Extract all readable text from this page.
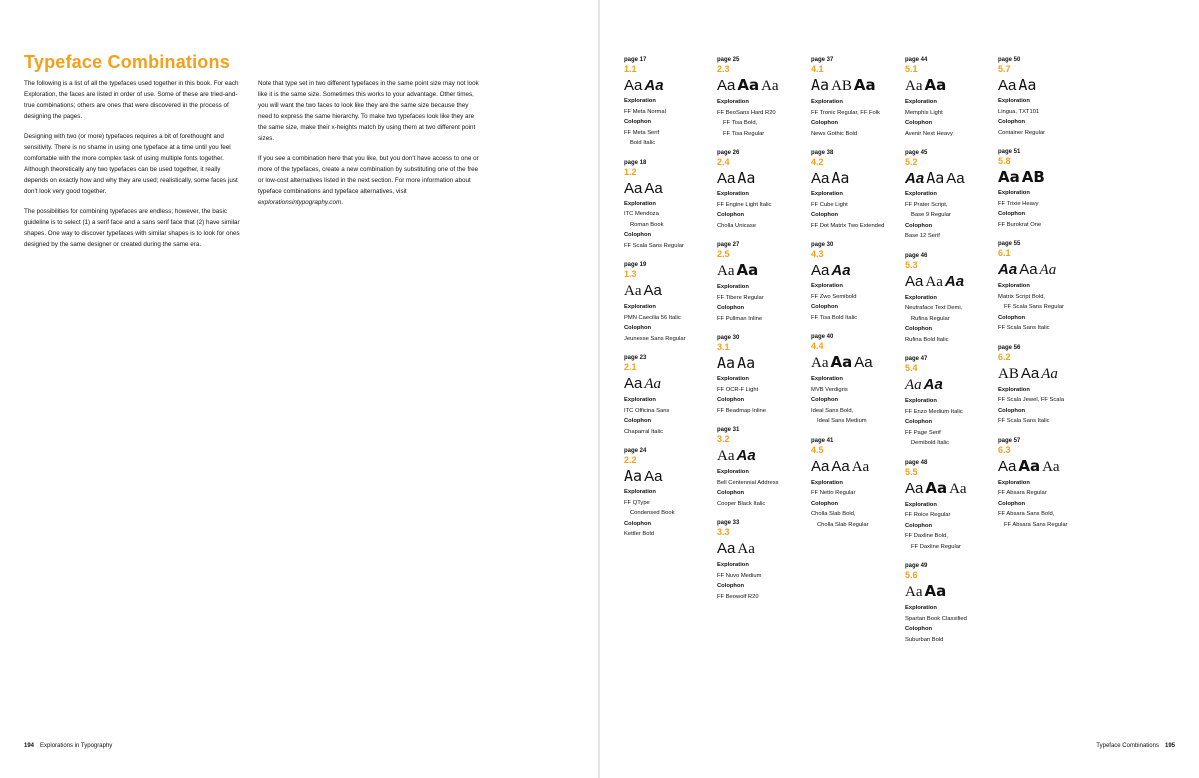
Typeface Combinations

The following is a list of all the typefaces used together in this book. For each Exploration, the faces are listed in order of use. Some of these are tried-and-true combinations; others are ones that were discovered in the process of designing the pages.

Designing with two (or more) typefaces requires a bit of forethought and sensitivity. There is no shame in using one typeface at a time until you feel comfortable with the more complex task of using multiple fonts together. Although theoretically any two typefaces can be used together, it really depends on exactly how and why they are used; realistically, some faces just don't look very good together.

The possibilities for combining typefaces are endless; however, the basic guideline is to select (1) a serif face and a sans serif face that (2) have similar shapes. One way to discover typefaces with similar shapes is to look for ones designed by the same designer or created during the same era.

Note that type set in two different typefaces in the same point size may not look like it is the same size. Sometimes this works to your advantage. Other times, you will want the two faces to look like they are the same size because they need to express the same hierarchy. To make two typefaces look like they are the same size, make their x-heights match by using them at two different point sizes.

If you see a combination here that you like, but you don't have access to one or more of the typefaces, create a new combination by substituting one of the free or low-cost alternatives listed in the next section. For more information about typeface combinations and typeface alternatives, visit explorationsintypography.com.

194 Explorations in Typography	Typeface Combinations 195
page 17
1.1
Aa Aa
Exploration
FF Meta Normal
Colophon
FF Meta Serif
Bold Italic
page 18
1.2
Aa Aa
Exploration
ITC Mendoza
Roman Book
Colophon
FF Scala Sans Regular
page 19
1.3
Aa Aa
Exploration
PMN Caecilia 56 Italic
Colophon
Jeunesse Sans Regular
page 23
2.1
Aa Aa
Exploration
ITC Officina Sans
Colophon
Chaparral Italic
page 24
2.2
Aa Aa
Exploration
FF QType
Condensed Book
Colophon
Kettler Bold
page 25
2.3
Aa Aa Aa
Exploration
FF BeoSans Hard R20
FF Tisa Bold,
FF Tisa Regular
page 26
2.4
Aa Aa
Exploration
FF Engine Light Italic
Colophon
Cholla Unicase
page 27
2.5
Aa Aa
Exploration
FF Tibere Regular
Colophon
FF Pullman Inline
page 30
3.1
Aa Aa
Exploration
FF OCR-F Light
Colophon
FF Beadmap Inline
page 31
3.2
Aa Aa
Exploration
Bell Centennial Address
Colophon
Cooper Black Italic
page 33
3.3
Aa Aa
Exploration
FF Nuvo Medium
Colophon
FF Beowolf R20
page 37
4.1
Aa AB Aa
Exploration
FF Tronic Regular, FF Folk
Colophon
News Gothic Bold
page 38
4.2
Aa Aa
Exploration
FF Cube Light
Colophon
FF Dot Matrix Two Extended
page 30
4.3
Aa Aa
Exploration
FF Zwo Semibold
Colophon
FF Tisa Bold Italic
page 40
4.4
Aa Aa Aa
Exploration
MVB Verdigris
Colophon
Ideal Sans Bold,
Ideal Sans Medium
page 41
4.5
Aa Aa Aa
Exploration
FF Netto Regular
Colophon
Cholla Slab Bold,
Cholla Slab Regular
page 44
5.1
Aa Aa
Exploration
Memphis Light
Colophon
Avenir Next Heavy
page 45
5.2
Aa Aa Aa
Exploration
FF Prater Script,
Base 9 Regular
Colophon
Base 12 Serif
page 46
5.3
Aa Aa Aa
Exploration
Neutraface Text Demi,
Rufina Regular
Colophon
Rufina Bold Italic
page 47
5.4
Aa Aa
Exploration
FF Enzo Medium Italic
Colophon
FF Page Serif
Demibold Italic
page 48
5.5
Aa Aa Aa
Exploration
FF Roice Regular
Colophon
FF Daxline Bold,
FF Daxline Regular
page 49
5.6
Aa Aa
Exploration
Spartan Book Classified
Colophon
Suburban Bold
page 50
5.7
Aa Aa
Exploration
Lingua, TXT101
Colophon
Container Regular
page 51
5.8
Aa AB
Exploration
FF Trixie Heavy
Colophon
FF Burokrat One
page 55
6.1
Aa Aa Aa
Exploration
Matrix Script Bold,
FF Scala Sans Regular
Colophon
FF Scala Sans Italic
page 56
6.2
AB Aa Aa
Exploration
FF Scala Jewel, FF Scala
Colophon
FF Scala Sans Italic
page 57
6.3
Aa Aa Aa
Exploration
FF Absara Regular
Colophon
FF Absara Sans Bold,
FF Absara Sans Regular
